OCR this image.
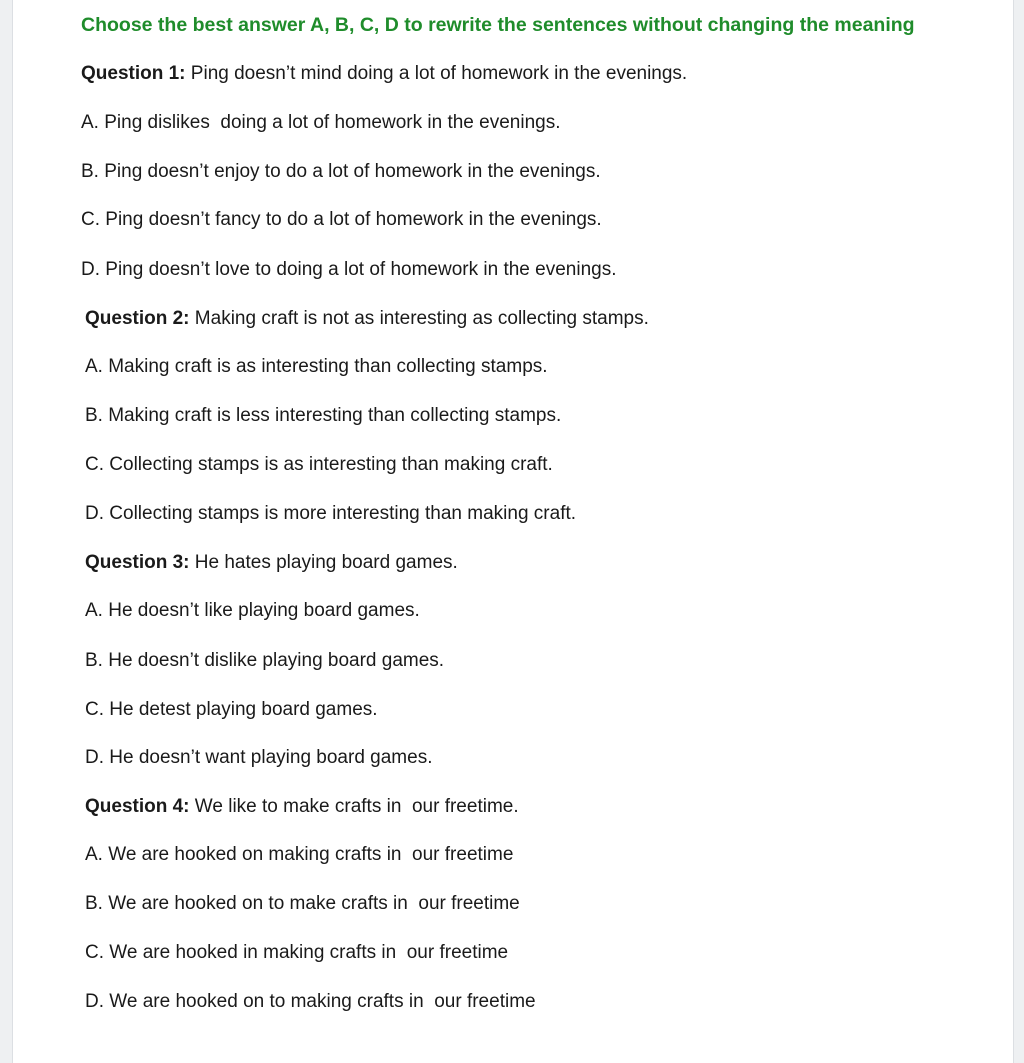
Choose the best answer A, B, C, D to rewrite the sentences without changing the meaning
Question 1: Ping doesn’t mind doing a lot of homework in the evenings.
A. Ping dislikes  doing a lot of homework in the evenings.
B. Ping doesn’t enjoy to do a lot of homework in the evenings.
C. Ping doesn’t fancy to do a lot of homework in the evenings.
D. Ping doesn’t love to doing a lot of homework in the evenings.
Question 2: Making craft is not as interesting as collecting stamps.
A. Making craft is as interesting than collecting stamps.
B. Making craft is less interesting than collecting stamps.
C. Collecting stamps is as interesting than making craft.
D. Collecting stamps is more interesting than making craft.
Question 3: He hates playing board games.
A. He doesn’t like playing board games.
B. He doesn’t dislike playing board games.
C. He detest playing board games.
D. He doesn’t want playing board games.
Question 4: We like to make crafts in  our freetime.
A. We are hooked on making crafts in  our freetime
B. We are hooked on to make crafts in  our freetime
C. We are hooked in making crafts in  our freetime
D. We are hooked on to making crafts in  our freetime
